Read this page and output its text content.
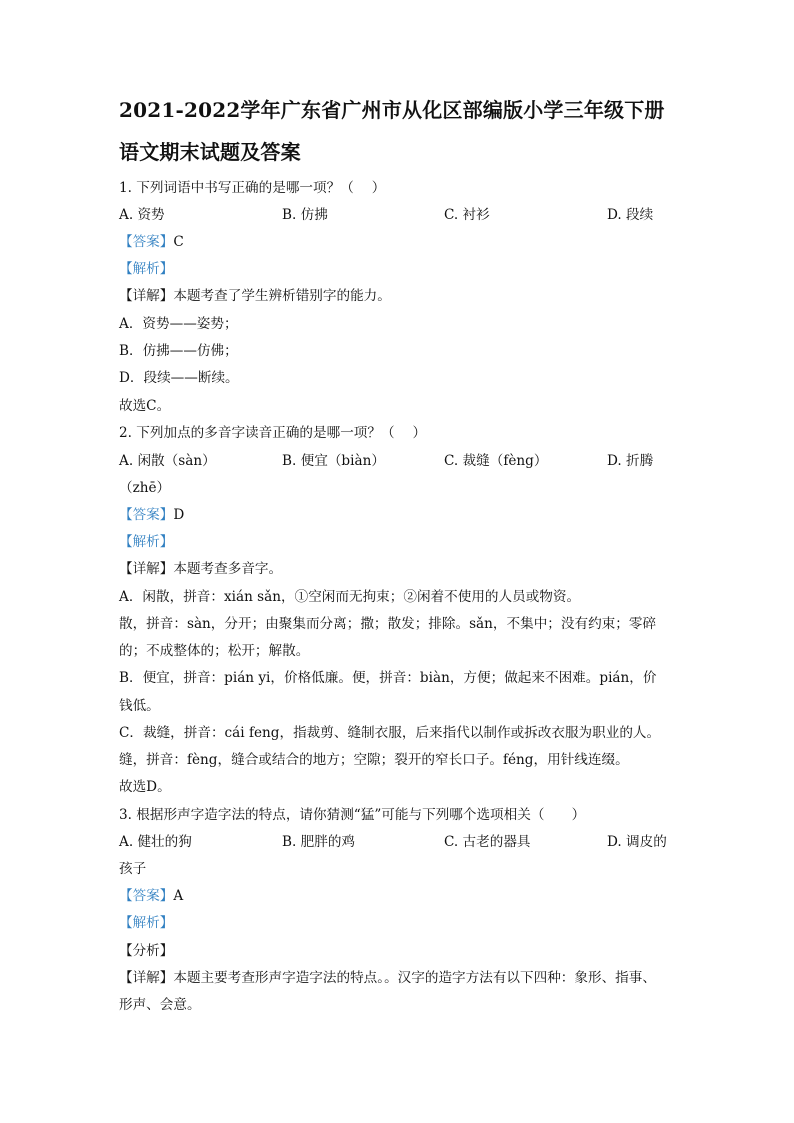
2021-2022学年广东省广州市从化区部编版小学三年级下册
语文期末试题及答案
1. 下列词语中书写正确的是哪一项？（　 ）
A. 资势	B. 仿拂	C. 衬衫	D. 段续
【答案】C
【解析】
【详解】本题考查了学生辨析错别字的能力。
A．资势——姿势；
B．仿拂——仿佛；
D．段续——断续。
故选C。
2. 下列加点的多音字读音正确的是哪一项？（　 ）
A. 闲散（sàn）	B. 便宜（biàn）	C. 裁缝（fèng）	D. 折腾
（zhē）
【答案】D
【解析】
【详解】本题考查多音字。
A．闲散，拼音：xián sǎn，①空闲而无拘束；②闲着不使用的人员或物资。
散，拼音：sàn，分开；由聚集而分离；撒；散发；排除。sǎn，不集中；没有约束；零碎
的；不成整体的；松开；解散。
B．便宜，拼音：pián yi，价格低廉。便，拼音：biàn，方便；做起来不困难。pián，价
钱低。
C．裁缝，拼音：cái feng，指裁剪、缝制衣服，后来指代以制作或拆改衣服为职业的人。
缝，拼音：fèng，缝合或结合的地方；空隙；裂开的窄长口子。féng，用针线连缀。
故选D。
3. 根据形声字造字法的特点，请你猜测“猛”可能与下列哪个选项相关（　　）
A. 健壮的狗	B. 肥胖的鸡	C. 古老的器具	D. 调皮的
孩子
【答案】A
【解析】
【分析】
【详解】本题主要考查形声字造字法的特点。。汉字的造字方法有以下四种：象形、指事、
形声、会意。
